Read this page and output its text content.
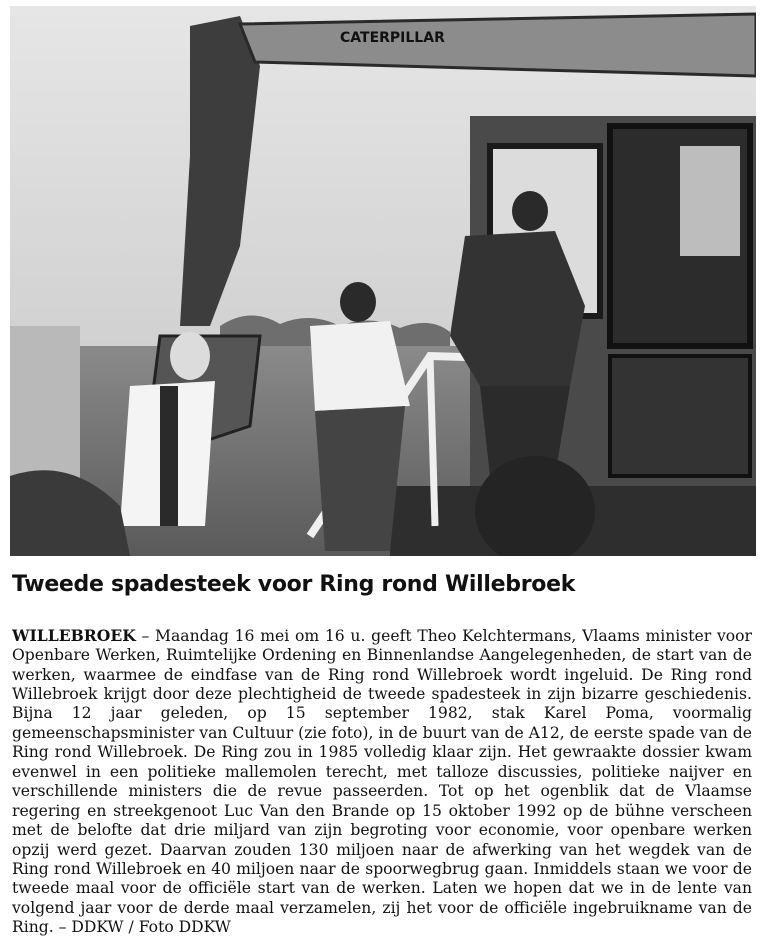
CATERPILLAR
Tweede spadesteek voor Ring rond Willebroek

WILLEBROEK – Maandag 16 mei om 16 u. geeft Theo Kelchtermans, Vlaams minister voor Openbare Werken, Ruimtelijke Ordening en Binnenlandse Aangelegenheden, de start van de werken, waarmee de eindfase van de Ring rond Willebroek wordt ingeluid. De Ring rond Willebroek krijgt door deze plechtigheid de tweede spadesteek in zijn bizarre geschiedenis. Bijna 12 jaar geleden, op 15 september 1982, stak Karel Poma, voormalig gemeenschapsminister van Cultuur (zie foto), in de buurt van de A12, de eerste spade van de Ring rond Willebroek. De Ring zou in 1985 volledig klaar zijn. Het gewraakte dossier kwam evenwel in een politieke mallemolen terecht, met talloze discussies, politieke naijver en verschillende ministers die de revue passeerden. Tot op het ogenblik dat de Vlaamse regering en streekgenoot Luc Van den Brande op 15 oktober 1992 op de bühne verscheen met de belofte dat drie miljard van zijn begroting voor economie, voor openbare werken opzij werd gezet. Daarvan zouden 130 miljoen naar de afwerking van het wegdek van de Ring rond Willebroek en 40 miljoen naar de spoorwegbrug gaan. Inmiddels staan we voor de tweede maal voor de officiële start van de werken. Laten we hopen dat we in de lente van volgend jaar voor de derde maal verzamelen, zij het voor de officiële ingebruikname van de Ring. – DDKW / Foto DDKW
